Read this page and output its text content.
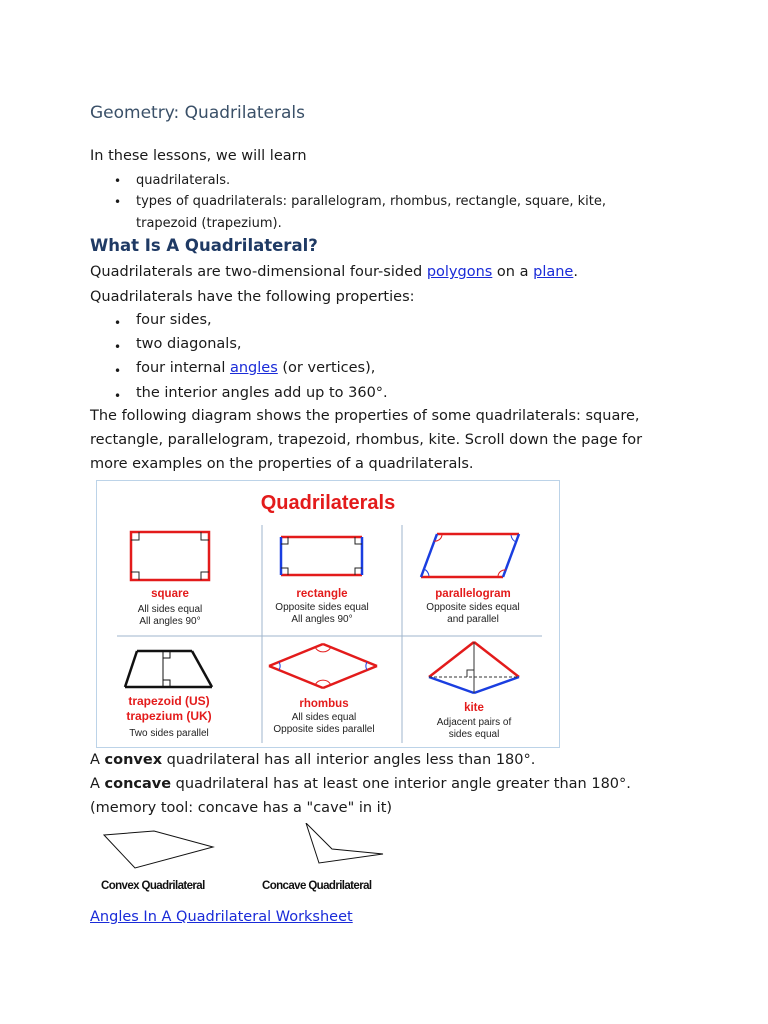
Geometry: Quadrilaterals
In these lessons, we will learn
• quadrilaterals.
• types of quadrilaterals: parallelogram, rhombus, rectangle, square, kite,
trapezoid (trapezium).
What Is A Quadrilateral?
Quadrilaterals are two-dimensional four-sided polygons on a plane.
Quadrilaterals have the following properties:
• four sides,
• two diagonals,
• four internal angles (or vertices),
• the interior angles add up to 360°.
The following diagram shows the properties of some quadrilaterals: square,
rectangle, parallelogram, trapezoid, rhombus, kite. Scroll down the page for
more examples on the properties of a quadrilaterals.
Quadrilaterals
square
All sides equal
All angles 90°
rectangle
Opposite sides equal
All angles 90°
parallelogram
Opposite sides equal
and parallel
trapezoid (US)
trapezium (UK)
Two sides parallel
rhombus
All sides equal
Opposite sides parallel
kite
Adjacent pairs of
sides equal
A convex quadrilateral has all interior angles less than 180°.
A concave quadrilateral has at least one interior angle greater than 180°.
(memory tool: concave has a "cave" in it)
Convex Quadrilateral	Concave Quadrilateral
Angles In A Quadrilateral Worksheet
